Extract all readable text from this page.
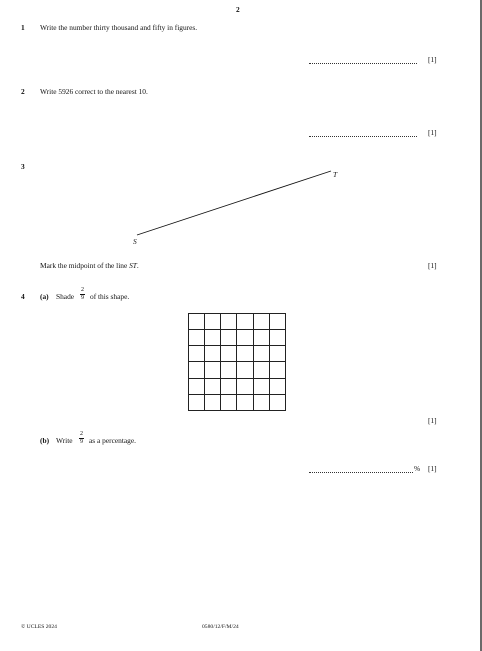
2
1 Write the number thirty thousand and fifty in figures.
[1]
2 Write 5926 correct to the nearest 10.
[1]
3
T
S
Mark the midpoint of the line ST.	[1]
4 (a) Shade
2
9 of this shape.
[1]
(b) Write
2
9 as a percentage.
% [1]
© UCLES 2024	0580/12/F/M/24
